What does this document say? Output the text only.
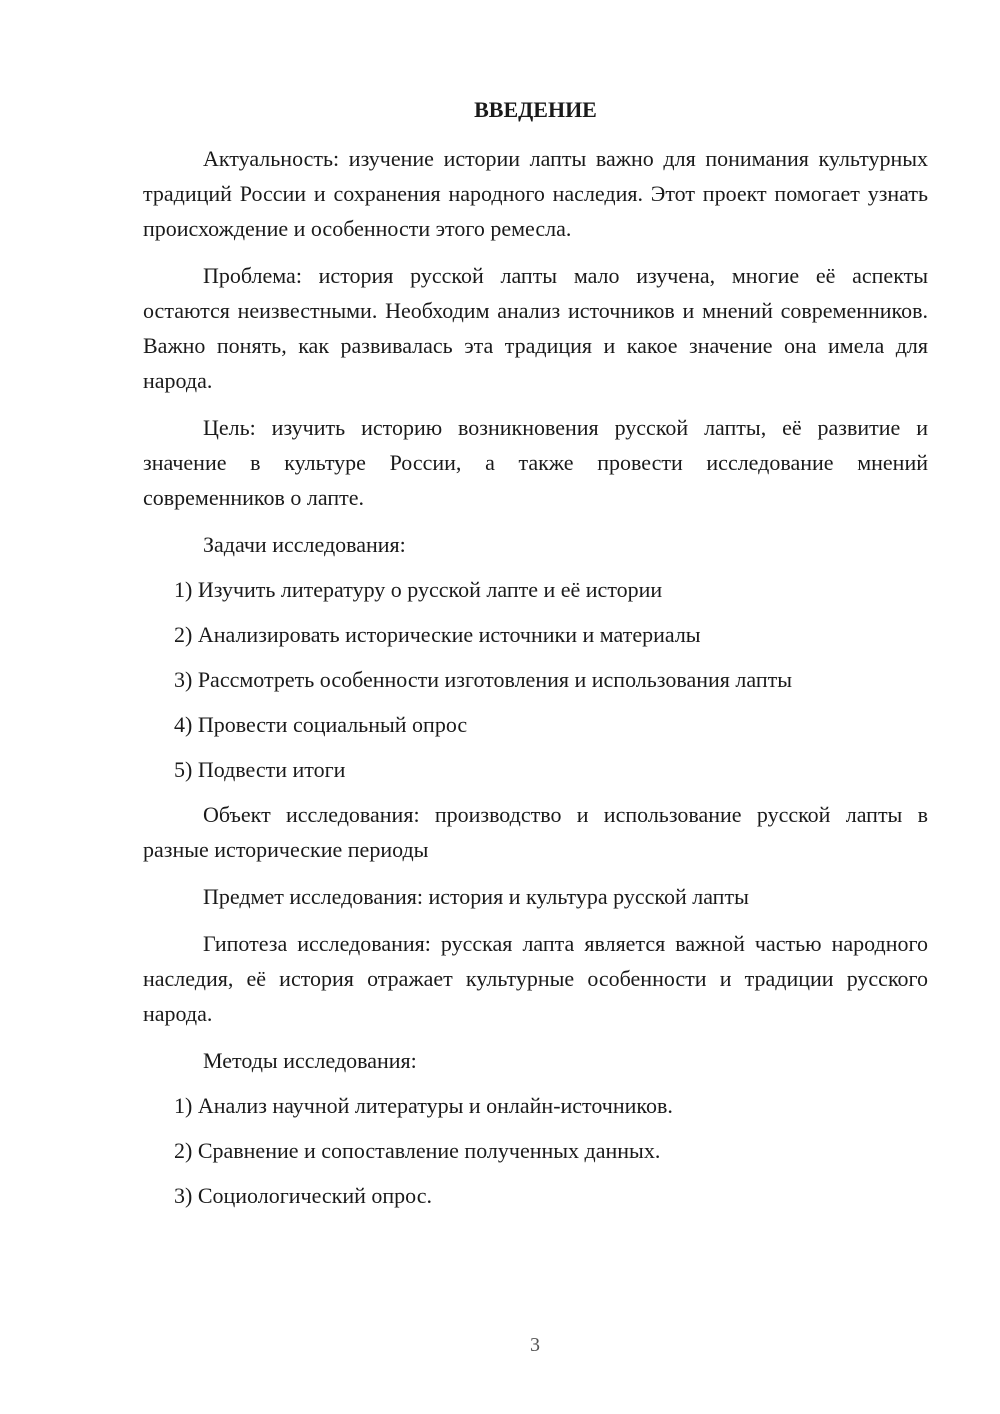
ВВЕДЕНИЕ

Актуальность: изучение истории лапты важно для понимания культурных традиций России и сохранения народного наследия. Этот проект помогает узнать происхождение и особенности этого ремесла.

Проблема: история русской лапты мало изучена, многие её аспекты остаются неизвестными. Необходим анализ источников и мнений современников. Важно понять, как развивалась эта традиция и какое значение она имела для народа.

Цель: изучить историю возникновения русской лапты, её развитие и значение в культуре России, а также провести исследование мнений современников о лапте.

Задачи исследования:

1) Изучить литературу о русской лапте и её истории

2) Анализировать исторические источники и материалы

3) Рассмотреть особенности изготовления и использования лапты

4) Провести социальный опрос

5) Подвести итоги

Объект исследования: производство и использование русской лапты в разные исторические периоды

Предмет исследования: история и культура русской лапты

Гипотеза исследования: русская лапта является важной частью народного наследия, её история отражает культурные особенности и традиции русского народа.

Методы исследования:

1) Анализ научной литературы и онлайн-источников.

2) Сравнение и сопоставление полученных данных.

3) Социологический опрос.

3
